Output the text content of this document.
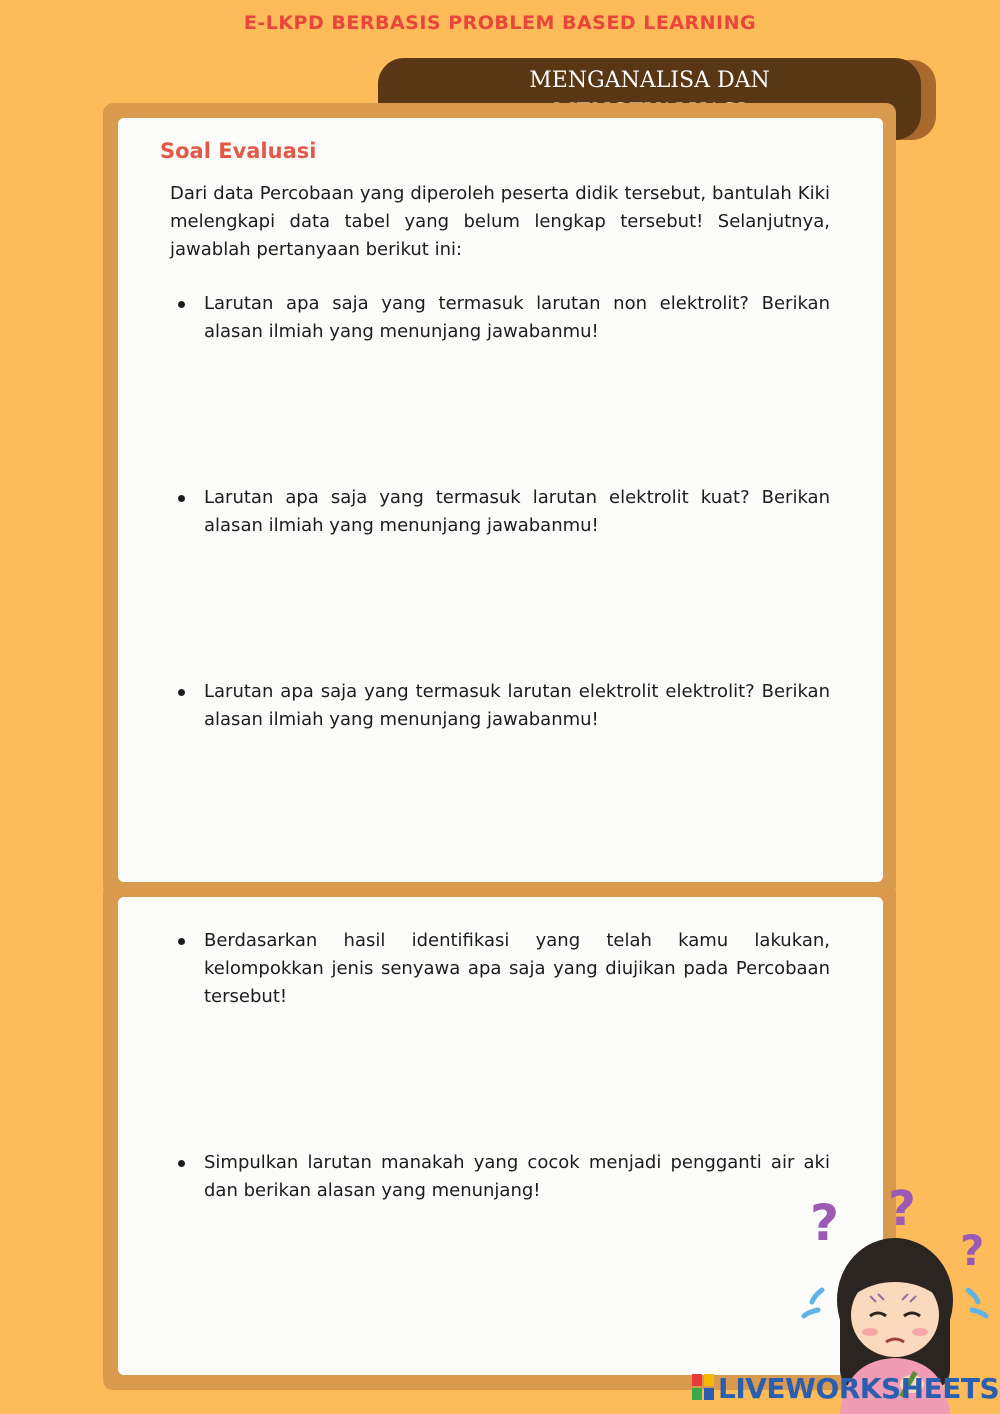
E-LKPD BERBASIS PROBLEM BASED LEARNING
MENGANALISA DAN
Soal Evaluasi
Dari data Percobaan yang diperoleh peserta didik tersebut, bantulah Kiki melengkapi data tabel yang belum lengkap tersebut! Selanjutnya, jawablah pertanyaan berikut ini:
Larutan apa saja yang termasuk larutan non elektrolit? Berikan alasan ilmiah yang menunjang jawabanmu!
Larutan apa saja yang termasuk larutan elektrolit kuat? Berikan alasan ilmiah yang menunjang jawabanmu!
Larutan apa saja yang termasuk larutan elektrolit elektrolit? Berikan alasan ilmiah yang menunjang jawabanmu!
Berdasarkan hasil identifikasi yang telah kamu lakukan, kelompokkan jenis senyawa apa saja yang diujikan pada Percobaan tersebut!
Simpulkan larutan manakah yang cocok menjadi pengganti air aki dan berikan alasan yang menunjang!
? ?
?
LIVEWORKSHEETS
